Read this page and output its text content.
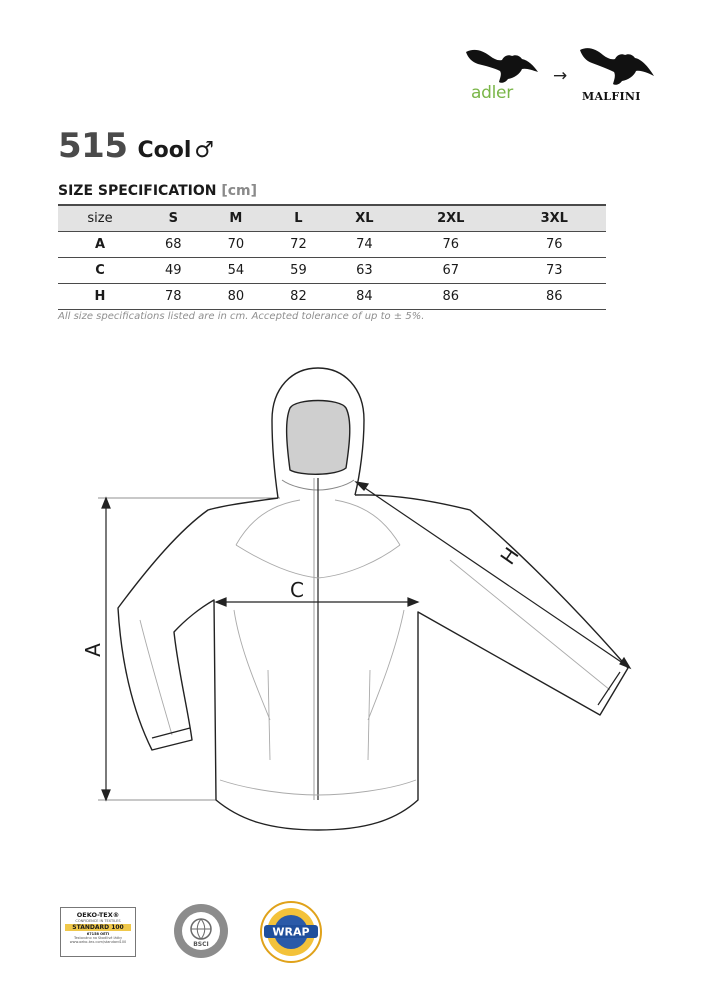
adler
→
MALFINI
515 Cool ♂
SIZE SPECIFICATION [cm]
size	S	M	L	XL	2XL	3XL
A	68	70	72	74	76	76
C	49	54	59	63	67	73
H	78	80	82	84	86	86
All size specifications listed are in cm. Accepted tolerance of up to ± 5%.
A
C
H
OEKO-TEX®
CONFIDENCE IN TEXTILES
STANDARD 100
67158 OETI
Testováno na škodlivé látky
www.oeko-tex.com/standard100	BSCI
WRAP
